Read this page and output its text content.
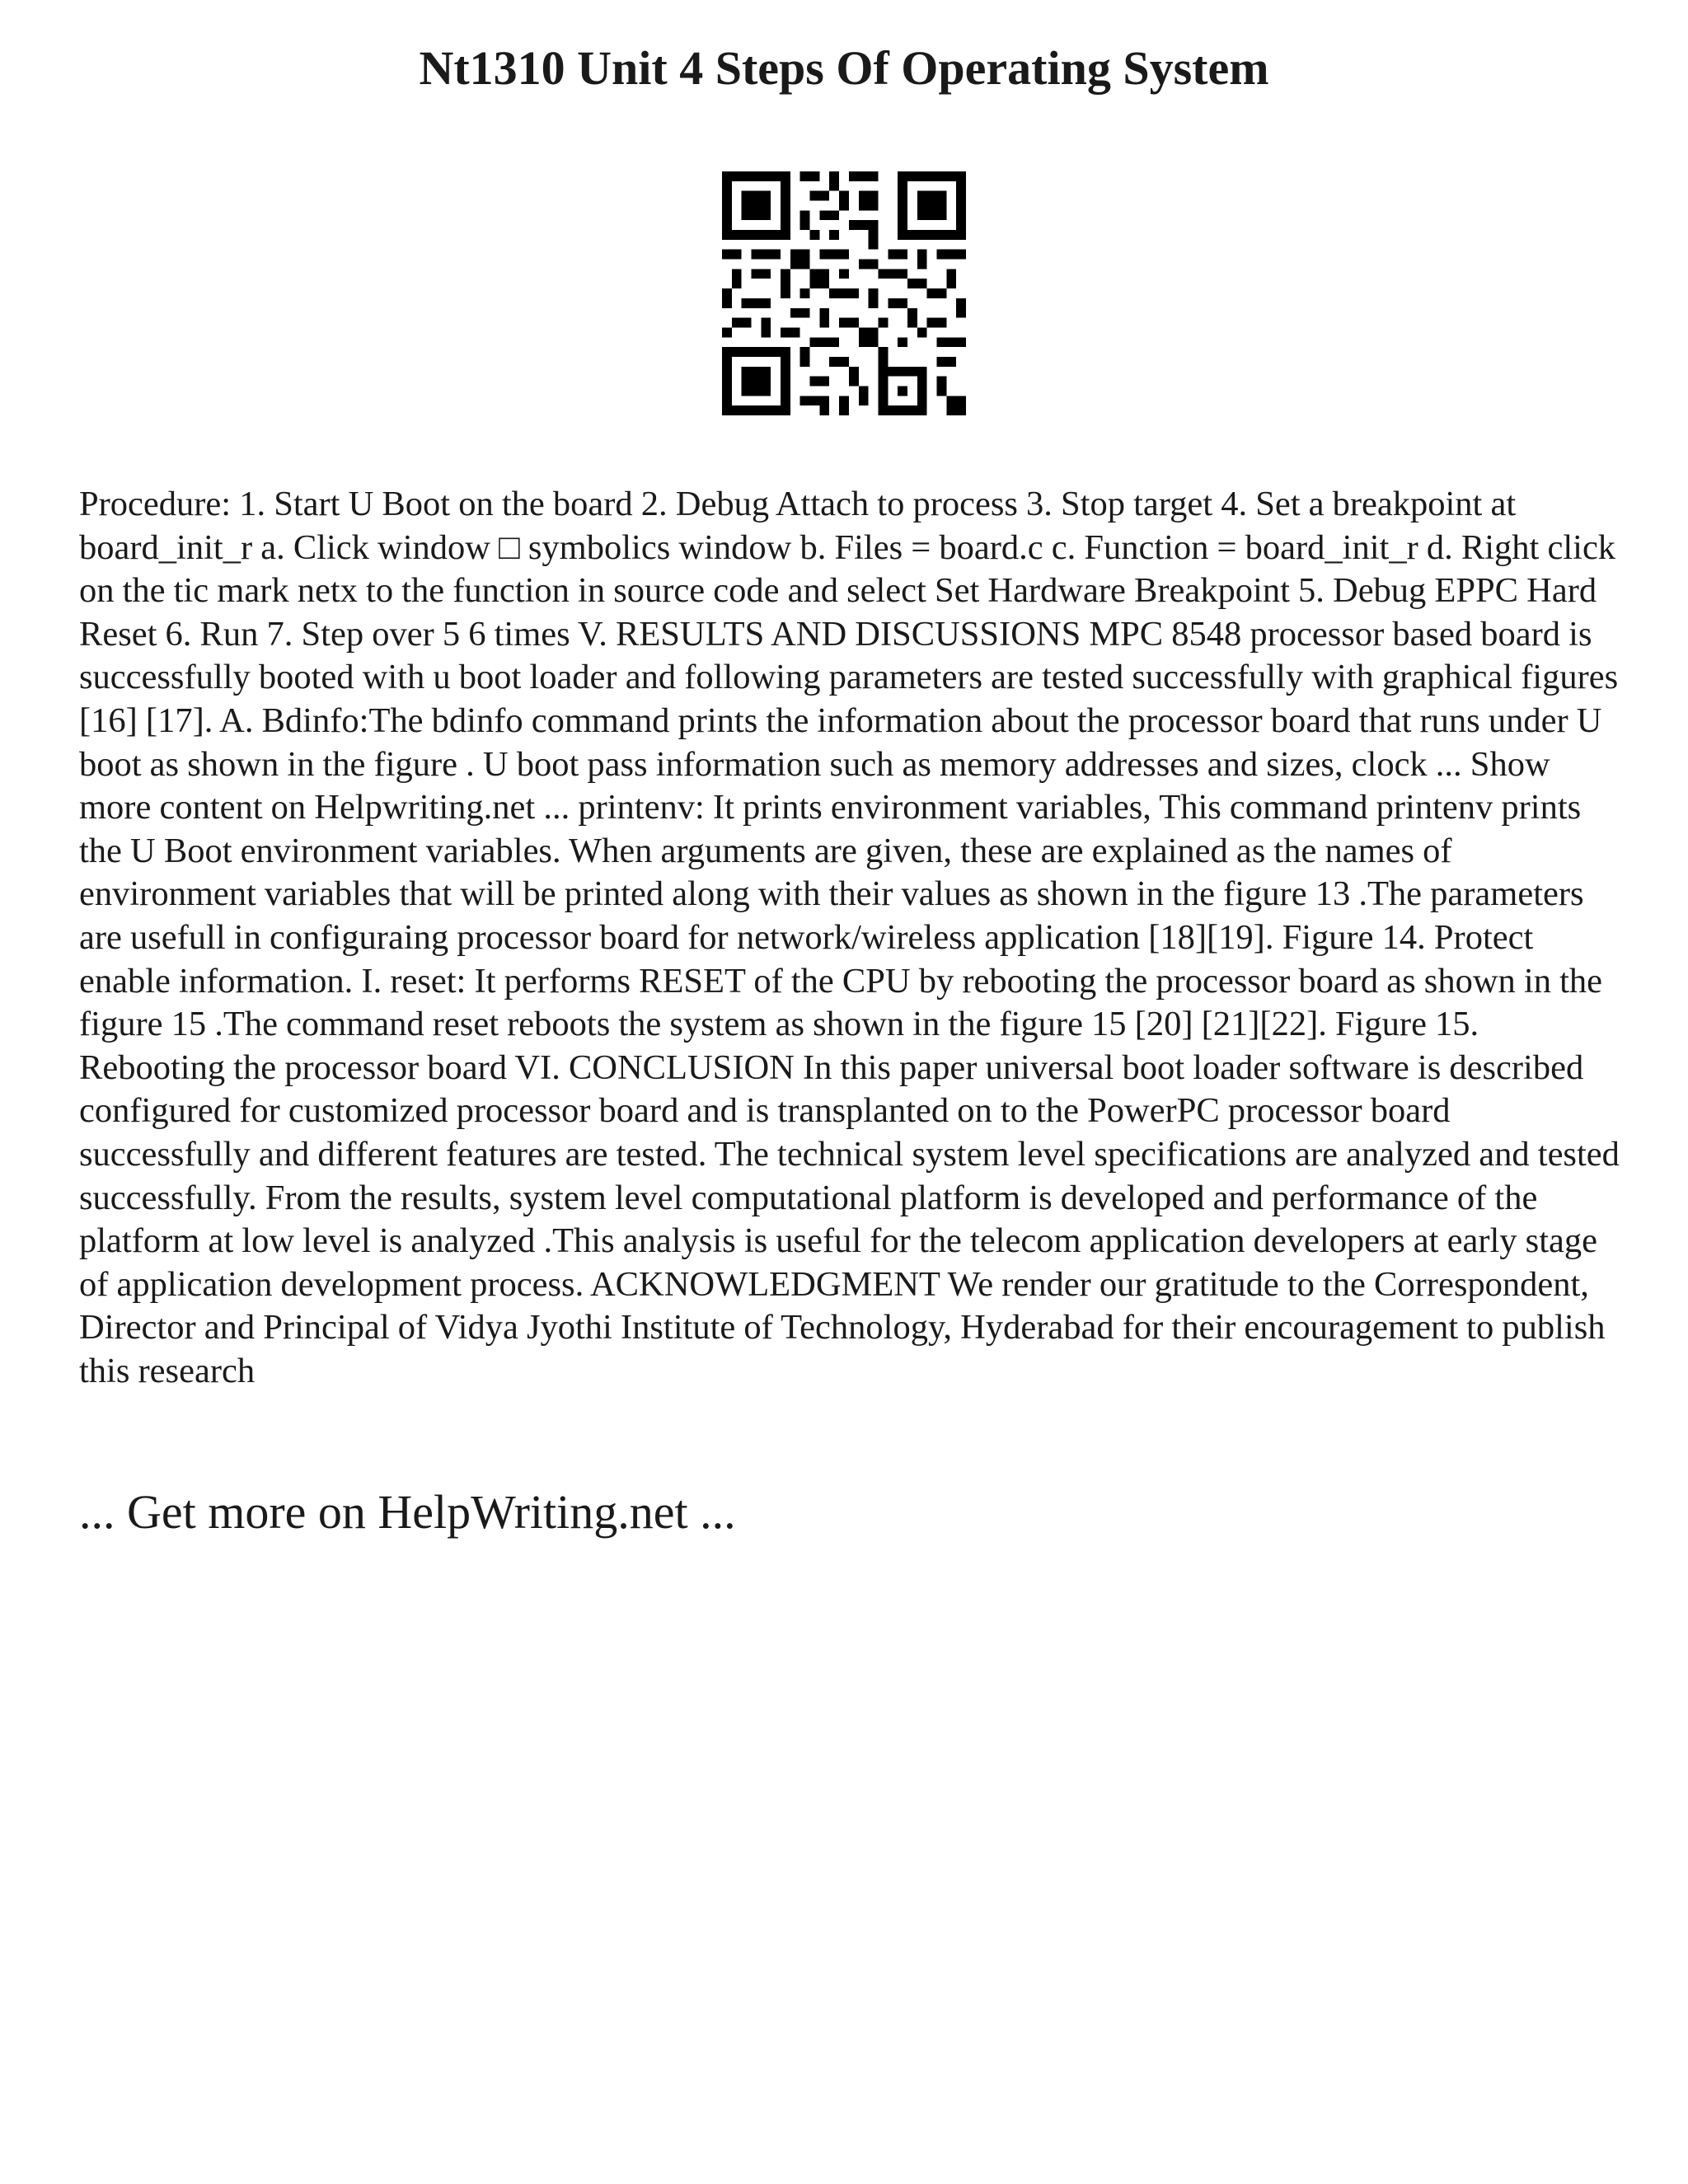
Nt1310 Unit 4 Steps Of Operating System

Procedure: 1. Start U Boot on the board 2. Debug Attach to process 3. Stop target 4. Set a breakpoint at board_init_r a. Click window □ symbolics window b. Files = board.c c. Function = board_init_r d. Right click on the tic mark netx to the function in source code and select Set Hardware Breakpoint 5. Debug EPPC Hard Reset 6. Run 7. Step over 5 6 times V. RESULTS AND DISCUSSIONS MPC 8548 processor based board is successfully booted with u boot loader and following parameters are tested successfully with graphical figures [16] [17]. A. Bdinfo:The bdinfo command prints the information about the processor board that runs under U boot as shown in the figure . U boot pass information such as memory addresses and sizes, clock ... Show more content on Helpwriting.net ... printenv: It prints environment variables, This command printenv prints the U Boot environment variables. When arguments are given, these are explained as the names of environment variables that will be printed along with their values as shown in the figure 13 .The parameters are usefull in configuraing processor board for network/wireless application [18][19]. Figure 14. Protect enable information. I. reset: It performs RESET of the CPU by rebooting the processor board as shown in the figure 15 .The command reset reboots the system as shown in the figure 15 [20] [21][22]. Figure 15. Rebooting the processor board VI. CONCLUSION In this paper universal boot loader software is described configured for customized processor board and is transplanted on to the PowerPC processor board successfully and different features are tested. The technical system level specifications are analyzed and tested successfully. From the results, system level computational platform is developed and performance of the platform at low level is analyzed .This analysis is useful for the telecom application developers at early stage of application development process. ACKNOWLEDGMENT We render our gratitude to the Correspondent, Director and Principal of Vidya Jyothi Institute of Technology, Hyderabad for their encouragement to publish this research

... Get more on HelpWriting.net ...
